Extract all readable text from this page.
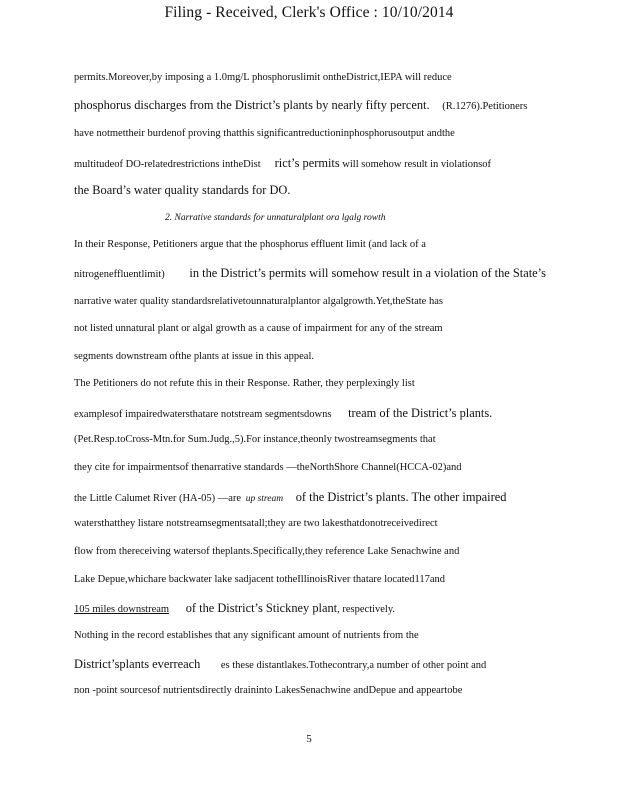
Filing - Received, Clerk's Office : 10/10/2014
permits.Moreover,by imposing a 1.0mg/L phosphoruslimit ontheDistrict,IEPA will reduce
phosphorus discharges from the District’s plants by nearly fifty percent. (R.1276).Petitioners
have notmettheir burdenof proving thatthis significantreductioninphosphorusoutput andthe
multitudeof DO-relatedrestrictions intheDist rict’s permits will somehow result in violationsof
the Board’s water quality standards for DO.
2. Narrative standards for unnaturalplant ora lgalg rowth
In their Response, Petitioners argue that the phosphorus effluent limit (and lack of a
nitrogeneffluentlimit) in the District’s permits will somehow result in a violation of the State’s
narrative water quality standardsrelativetounnaturalplantor algalgrowth.Yet,theState has
not listed unnatural plant or algal growth as a cause of impairment for any of the stream
segments downstream ofthe plants at issue in this appeal.
The Petitioners do not refute this in their Response. Rather, they perplexingly list
examplesof impairedwatersthatare notstream segmentsdowns tream of the District’s plants.
(Pet.Resp.toCross-Mtn.for Sum.Judg.,5).For instance,theonly twostreamsegments that
they cite for impairmentsof thenarrative standards —theNorthShore Channel(HCCA-02)and
the Little Calumet River (HA-05) —are up stream of the District’s plants. The other impaired
watersthatthey listare notstreamsegmentsatall;they are two lakesthatdonotreceivedirect
flow from thereceiving watersof theplants.Specifically,they reference Lake Senachwine and
Lake Depue,whichare backwater lake sadjacent totheIllinoisRiver thatare located117and
105 miles downstream of the District’s Stickney plant, respectively.
Nothing in the record establishes that any significant amount of nutrients from the
District’splants everreach es these distantlakes.Tothecontrary,a number of other point and
non -point sourcesof nutrientsdirectly draininto LakesSenachwine andDepue and appeartobe
5
